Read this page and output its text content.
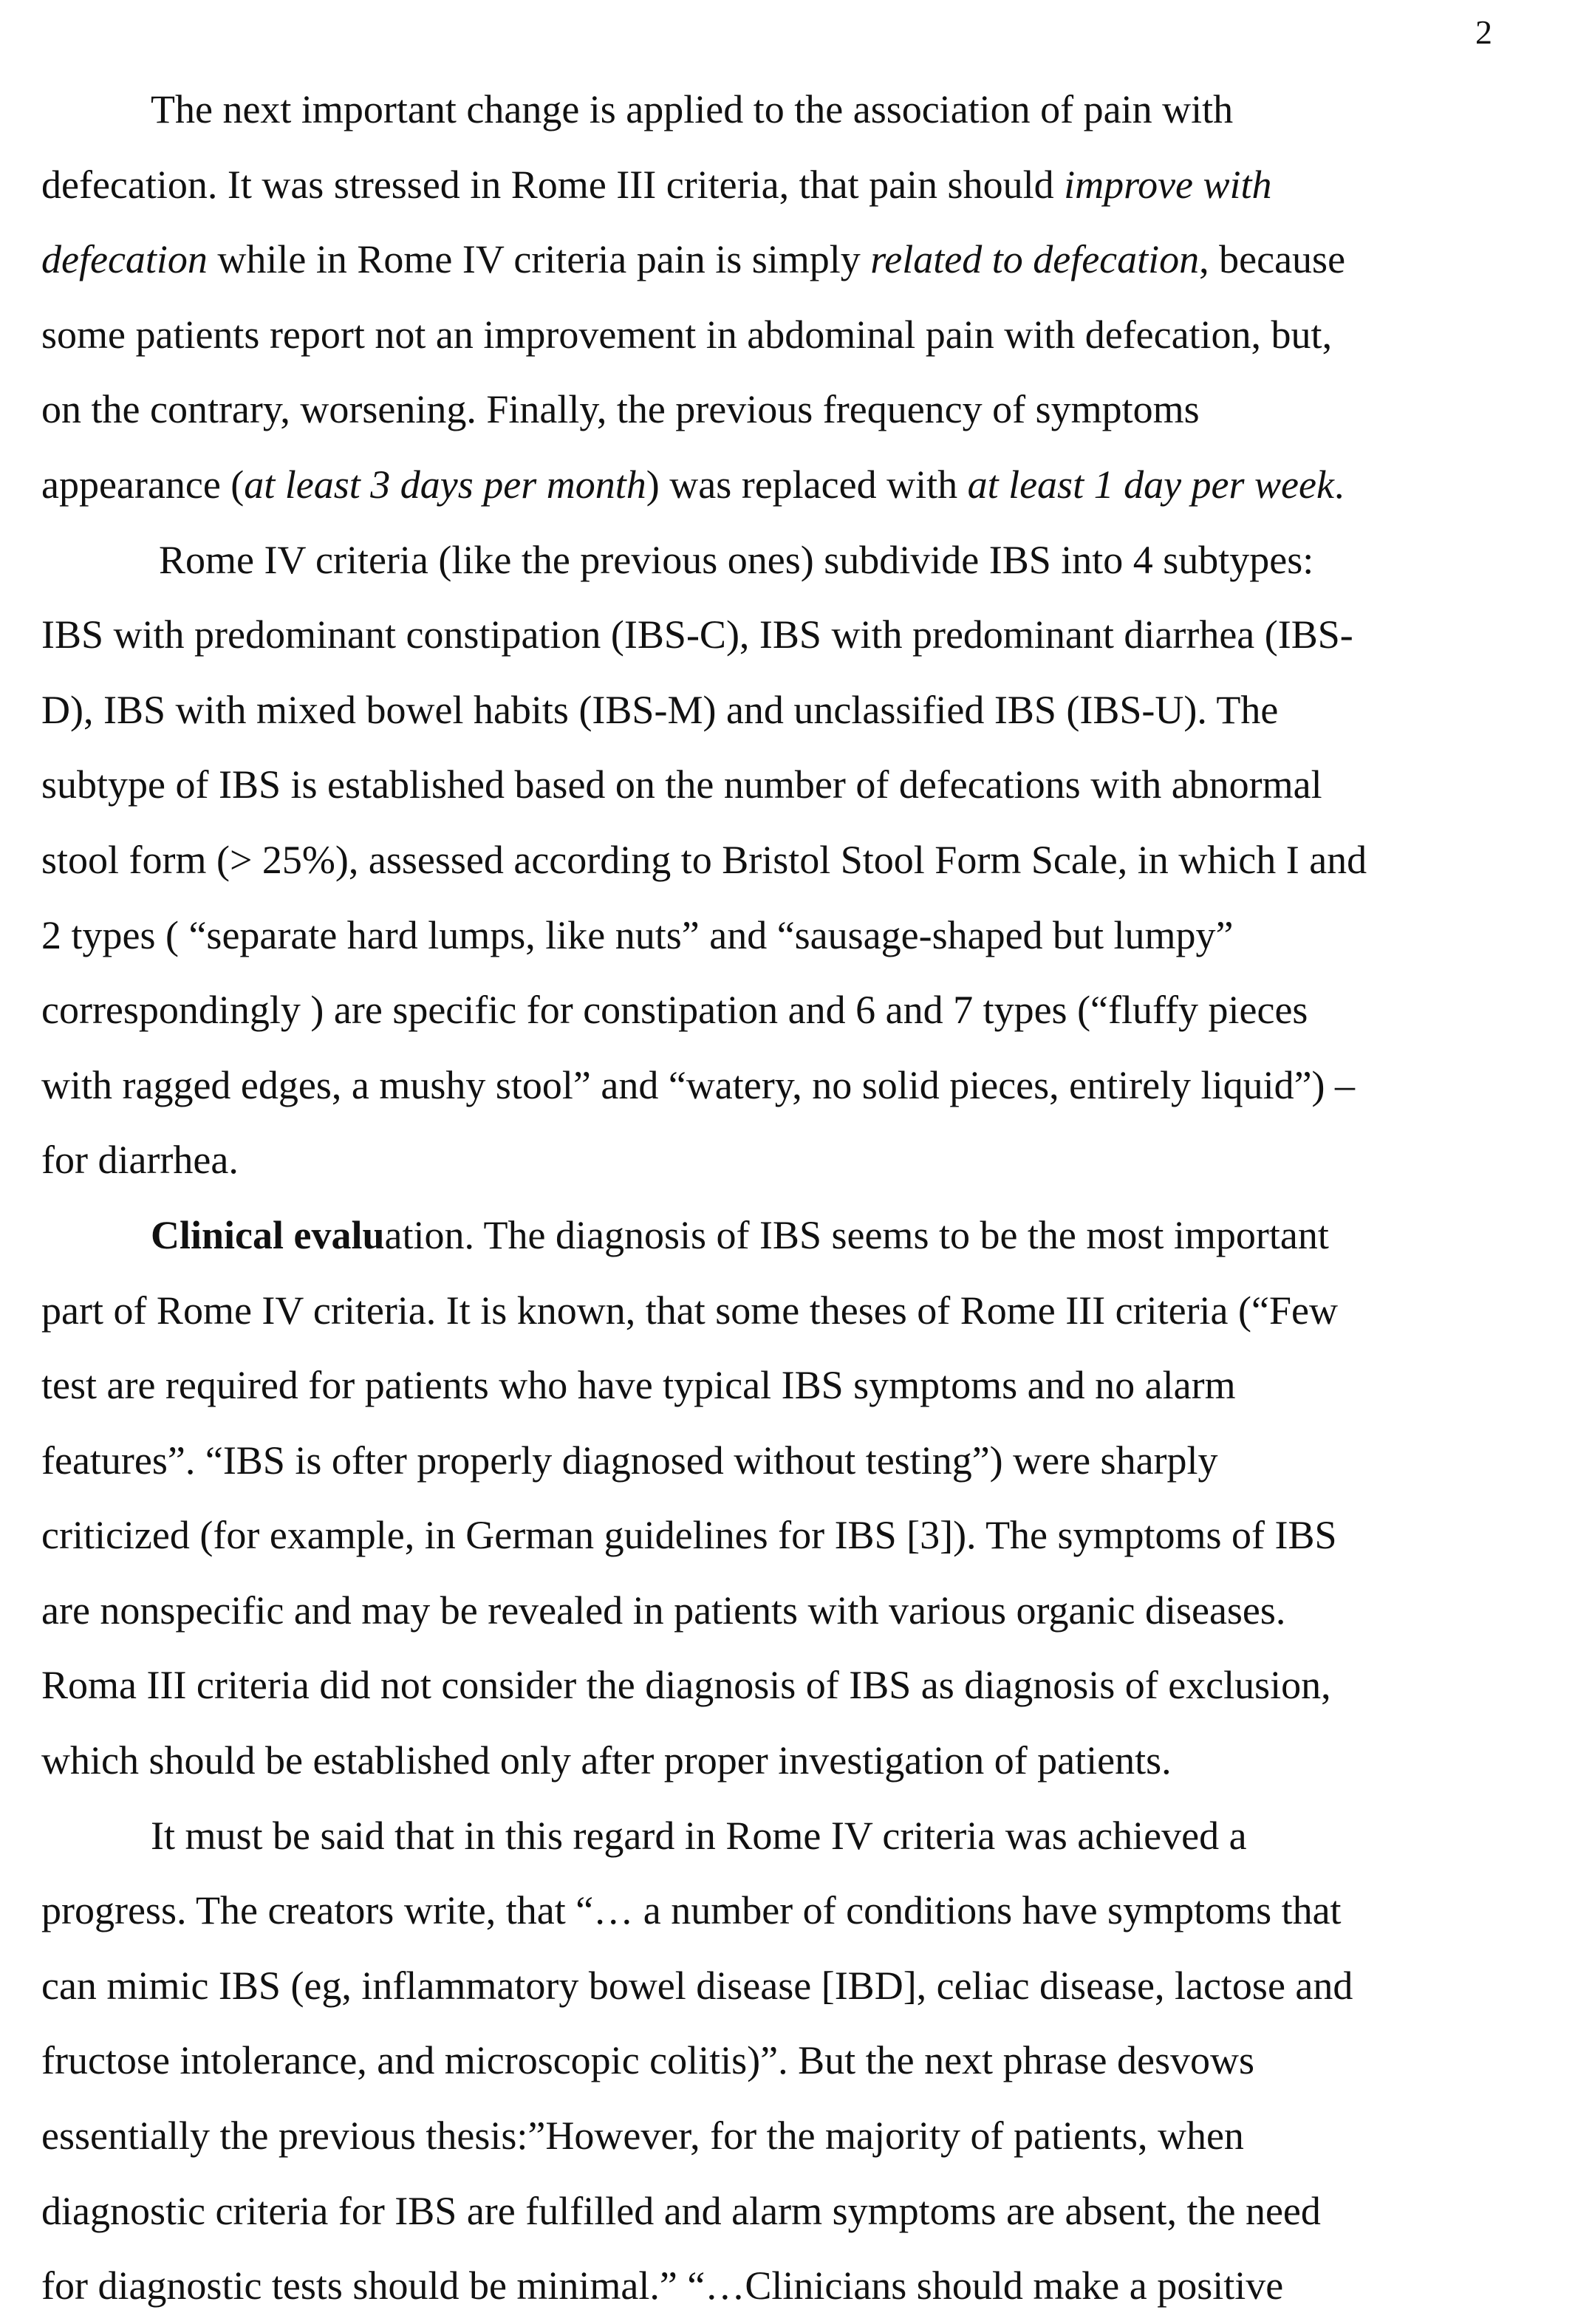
2
The next important change is applied to the association of pain with
defecation. It was stressed in Rome III criteria, that pain should improve with
defecation while in Rome IV criteria pain is simply related to defecation, because
some patients report not an improvement in abdominal pain with defecation, but,
on the contrary, worsening. Finally, the previous frequency of symptoms
appearance (at least 3 days per month) was replaced with at least 1 day per week.
Rome IV criteria (like the previous ones) subdivide IBS into 4 subtypes:
IBS with predominant constipation (IBS-C), IBS with predominant diarrhea (IBS-
D), IBS with mixed bowel habits (IBS-M) and unclassified IBS (IBS-U). The
subtype of IBS is established based on the number of defecations with abnormal
stool form (> 25%), assessed according to Bristol Stool Form Scale, in which I and
2 types ( “separate hard lumps, like nuts” and “sausage-shaped but lumpy”
correspondingly ) are specific for constipation and 6 and 7 types (“fluffy pieces
with ragged edges, a mushy stool” and “watery, no solid pieces, entirely liquid”) –
for diarrhea.
Clinical evaluation. The diagnosis of IBS seems to be the most important
part of Rome IV criteria. It is known, that some theses of Rome III criteria (“Few
test are required for patients who have typical IBS symptoms and no alarm
features”. “IBS is ofter properly diagnosed without testing”) were sharply
criticized (for example, in German guidelines for IBS [3]). The symptoms of IBS
are nonspecific and may be revealed in patients with various organic diseases.
Roma III criteria did not consider the diagnosis of IBS as diagnosis of exclusion,
which should be established only after proper investigation of patients.
It must be said that in this regard in Rome IV criteria was achieved a
progress. The creators write, that “… a number of conditions have symptoms that
can mimic IBS (eg, inflammatory bowel disease [IBD], celiac disease, lactose and
fructose intolerance, and microscopic colitis)”. But the next phrase desvows
essentially the previous thesis:”However, for the majority of patients, when
diagnostic criteria for IBS are fulfilled and alarm symptoms are absent, the need
for diagnostic tests should be minimal.” “…Clinicians should make a positive
